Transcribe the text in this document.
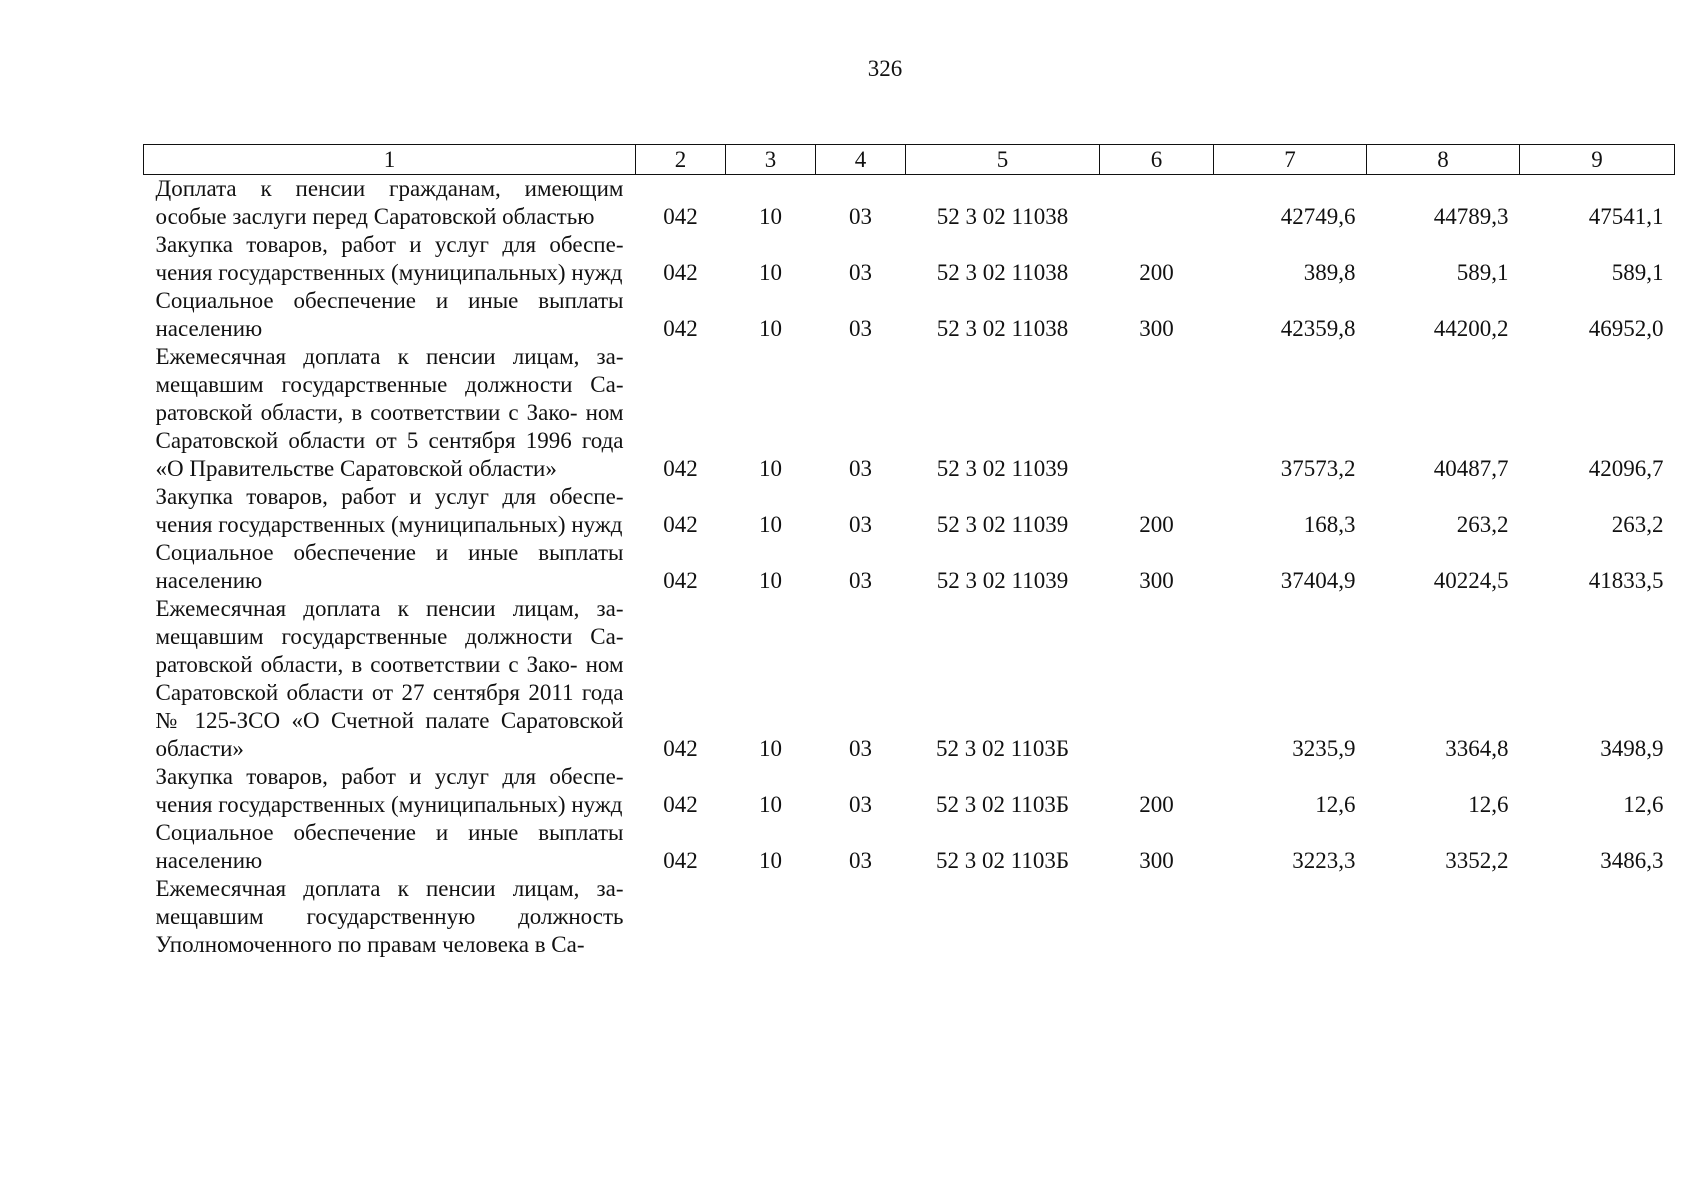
326
1	2	3	4	5	6	7	8	9
Доплата к пенсии гражданам, имеющим особые заслуги перед Саратовской областью	042	10	03	52 3 02 11038		42749,6	44789,3	47541,1
Закупка товаров, работ и услуг для обеспе- чения государственных (муниципальных) нужд	042	10	03	52 3 02 11038	200	389,8	589,1	589,1
Социальное обеспечение и иные выплаты населению	042	10	03	52 3 02 11038	300	42359,8	44200,2	46952,0
Ежемесячная доплата к пенсии лицам, за- мещавшим государственные должности Са- ратовской области, в соответствии с Зако- ном Саратовской области от 5 сентября 1996 года «О Правительстве Саратовской области»	042	10	03	52 3 02 11039		37573,2	40487,7	42096,7
Закупка товаров, работ и услуг для обеспе- чения государственных (муниципальных) нужд	042	10	03	52 3 02 11039	200	168,3	263,2	263,2
Социальное обеспечение и иные выплаты населению	042	10	03	52 3 02 11039	300	37404,9	40224,5	41833,5
Ежемесячная доплата к пенсии лицам, за- мещавшим государственные должности Са- ратовской области, в соответствии с Зако- ном Саратовской области от 27 сентября 2011 года № 125-ЗСО «О Счетной палате Саратовской области»	042	10	03	52 3 02 1103Б		3235,9	3364,8	3498,9
Закупка товаров, работ и услуг для обеспе- чения государственных (муниципальных) нужд	042	10	03	52 3 02 1103Б	200	12,6	12,6	12,6
Социальное обеспечение и иные выплаты населению	042	10	03	52 3 02 1103Б	300	3223,3	3352,2	3486,3
Ежемесячная доплата к пенсии лицам, за- мещавшим государственную должность Уполномоченного по правам человека в Са-								
